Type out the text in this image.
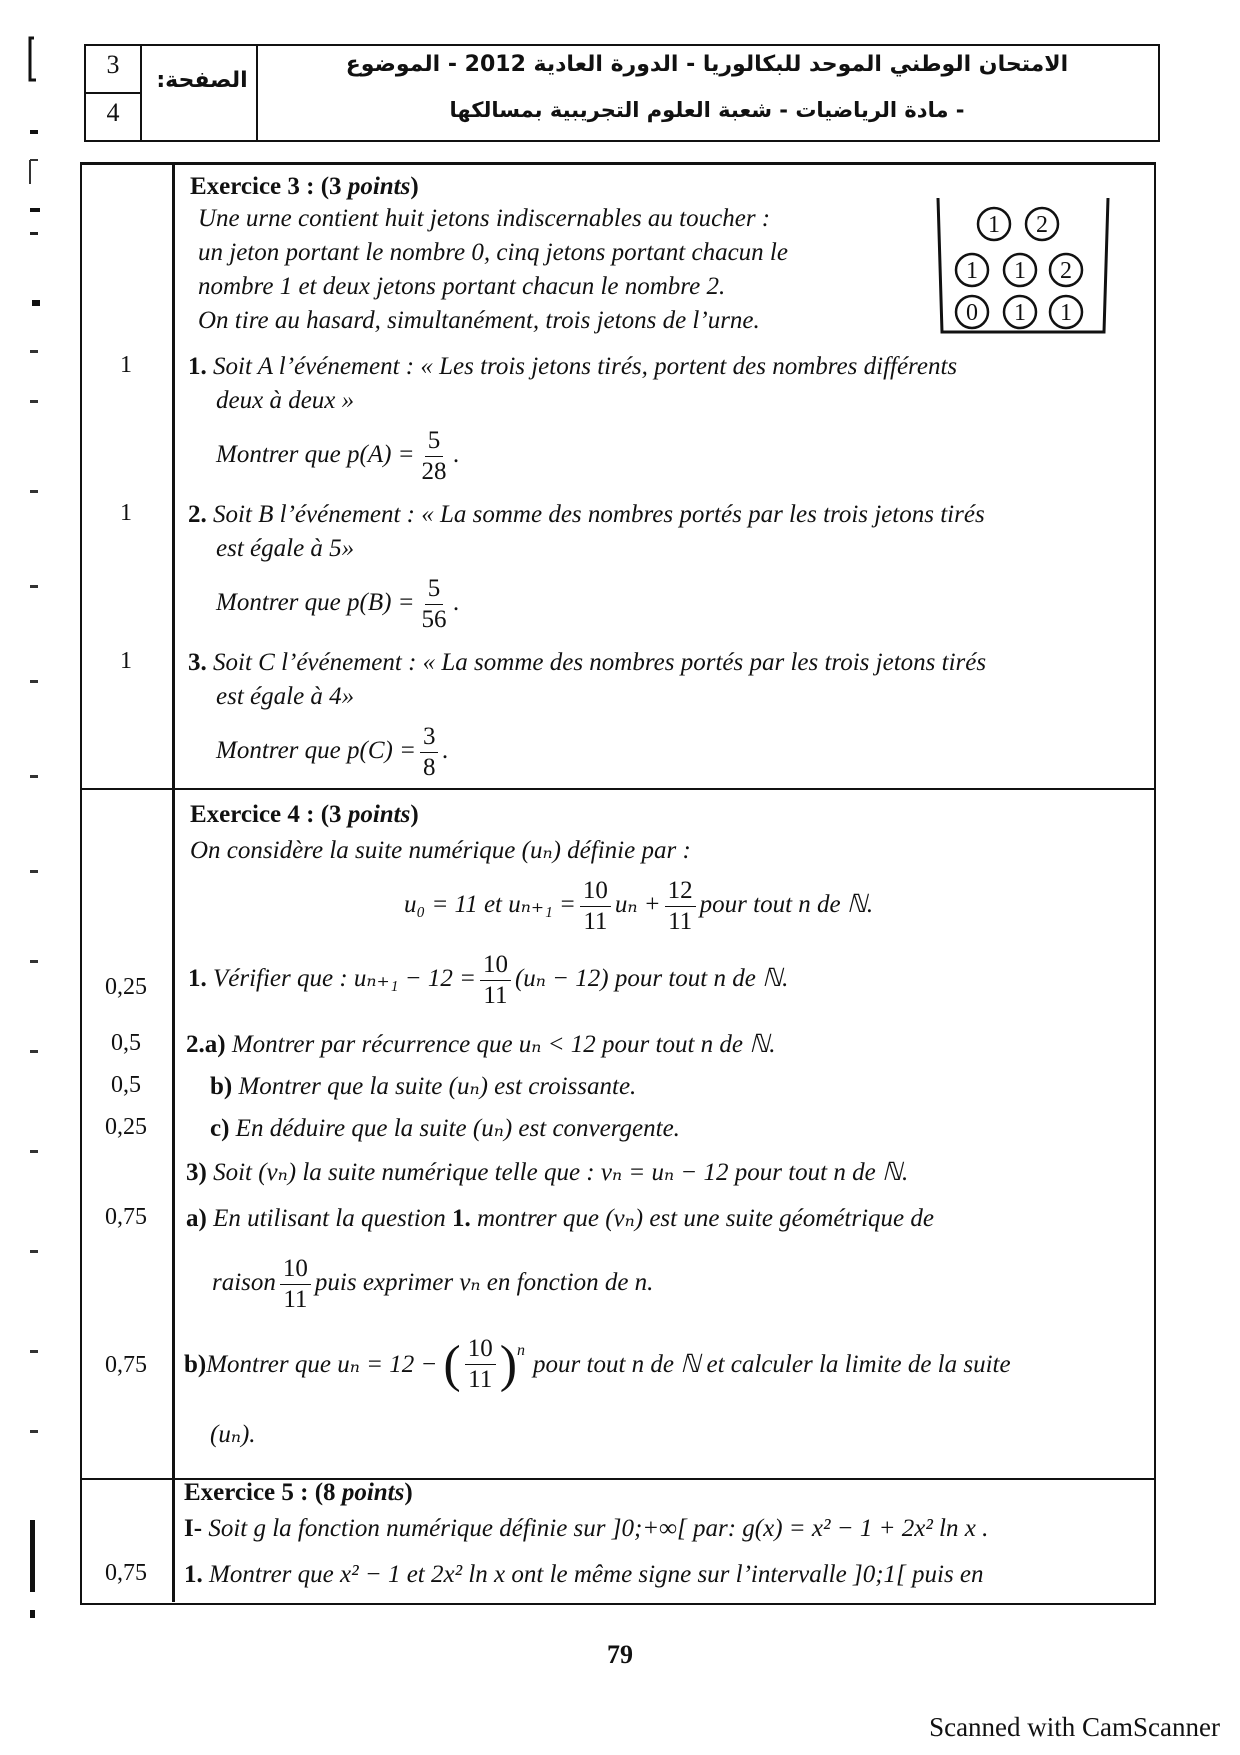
3
4
الصفحة:
الامتحان الوطني الموحد للبكالوريا - الدورة العادية 2012 - الموضوع
- مادة الرياضيات - شعبة العلوم التجريبية بمسالكها
Exercice 3 : (3 points)
Une urne contient huit jetons indiscernables au toucher :
un jeton portant le nombre 0, cinq jetons portant chacun le
nombre 1 et deux jetons portant chacun le nombre 2.
On tire au hasard, simultanément, trois jetons de l’urne.
1 2
1 1 2
0 1 1
1	1. Soit A l’événement : « Les trois jetons tirés, portent des nombres différents
deux à deux »
Montrer que $p(A) = \frac{5}{28}$ .
1	2. Soit B l’événement : « La somme des nombres portés par les trois jetons tirés
est égale à 5»
Montrer que $p(B) = \frac{5}{56}$ .
1	3. Soit C l’événement : « La somme des nombres portés par les trois jetons tirés
est égale à 4»
Montrer que $p(C) = \frac{3}{8}$ .
Exercice 4 : (3 points)
On considère la suite numérique (uₙ) définie par :
u₀ = 11 et $u_{n+1} = \frac{10}{11}$ $u_n + \frac{12}{11}$ pour tout n de ℕ.
0,25	1. Vérifier que : $u_{n+1} - 12 = \frac{10}{11} (u_n - 12)$ pour tout n de ℕ.
0,5	2.a) Montrer par récurrence que uₙ < 12 pour tout n de ℕ.
0,5	b) Montrer que la suite (uₙ) est croissante.
0,25	c) En déduire que la suite (uₙ) est convergente.
3) Soit (vₙ) la suite numérique telle que : vₙ = uₙ − 12 pour tout n de ℕ.
0,75	a) En utilisant la question 1. montrer que (vₙ) est une suite géométrique de
raison $\frac{10}{11}$ puis exprimer vₙ en fonction de n.
0,75	b) Montrer que uₙ = 12 − ( $\frac{10}{11} )^n$ pour tout n de ℕ et calculer la limite de la suite
(uₙ).
Exercice 5 : (8 points)
I- Soit g la fonction numérique définie sur ]0;+∞[ par: g(x) = x² − 1 + 2x² ln x .
0,75	1. Montrer que x² − 1 et 2x² ln x ont le même signe sur l’intervalle ]0;1[ puis en
79
Scanned with CamScanner
